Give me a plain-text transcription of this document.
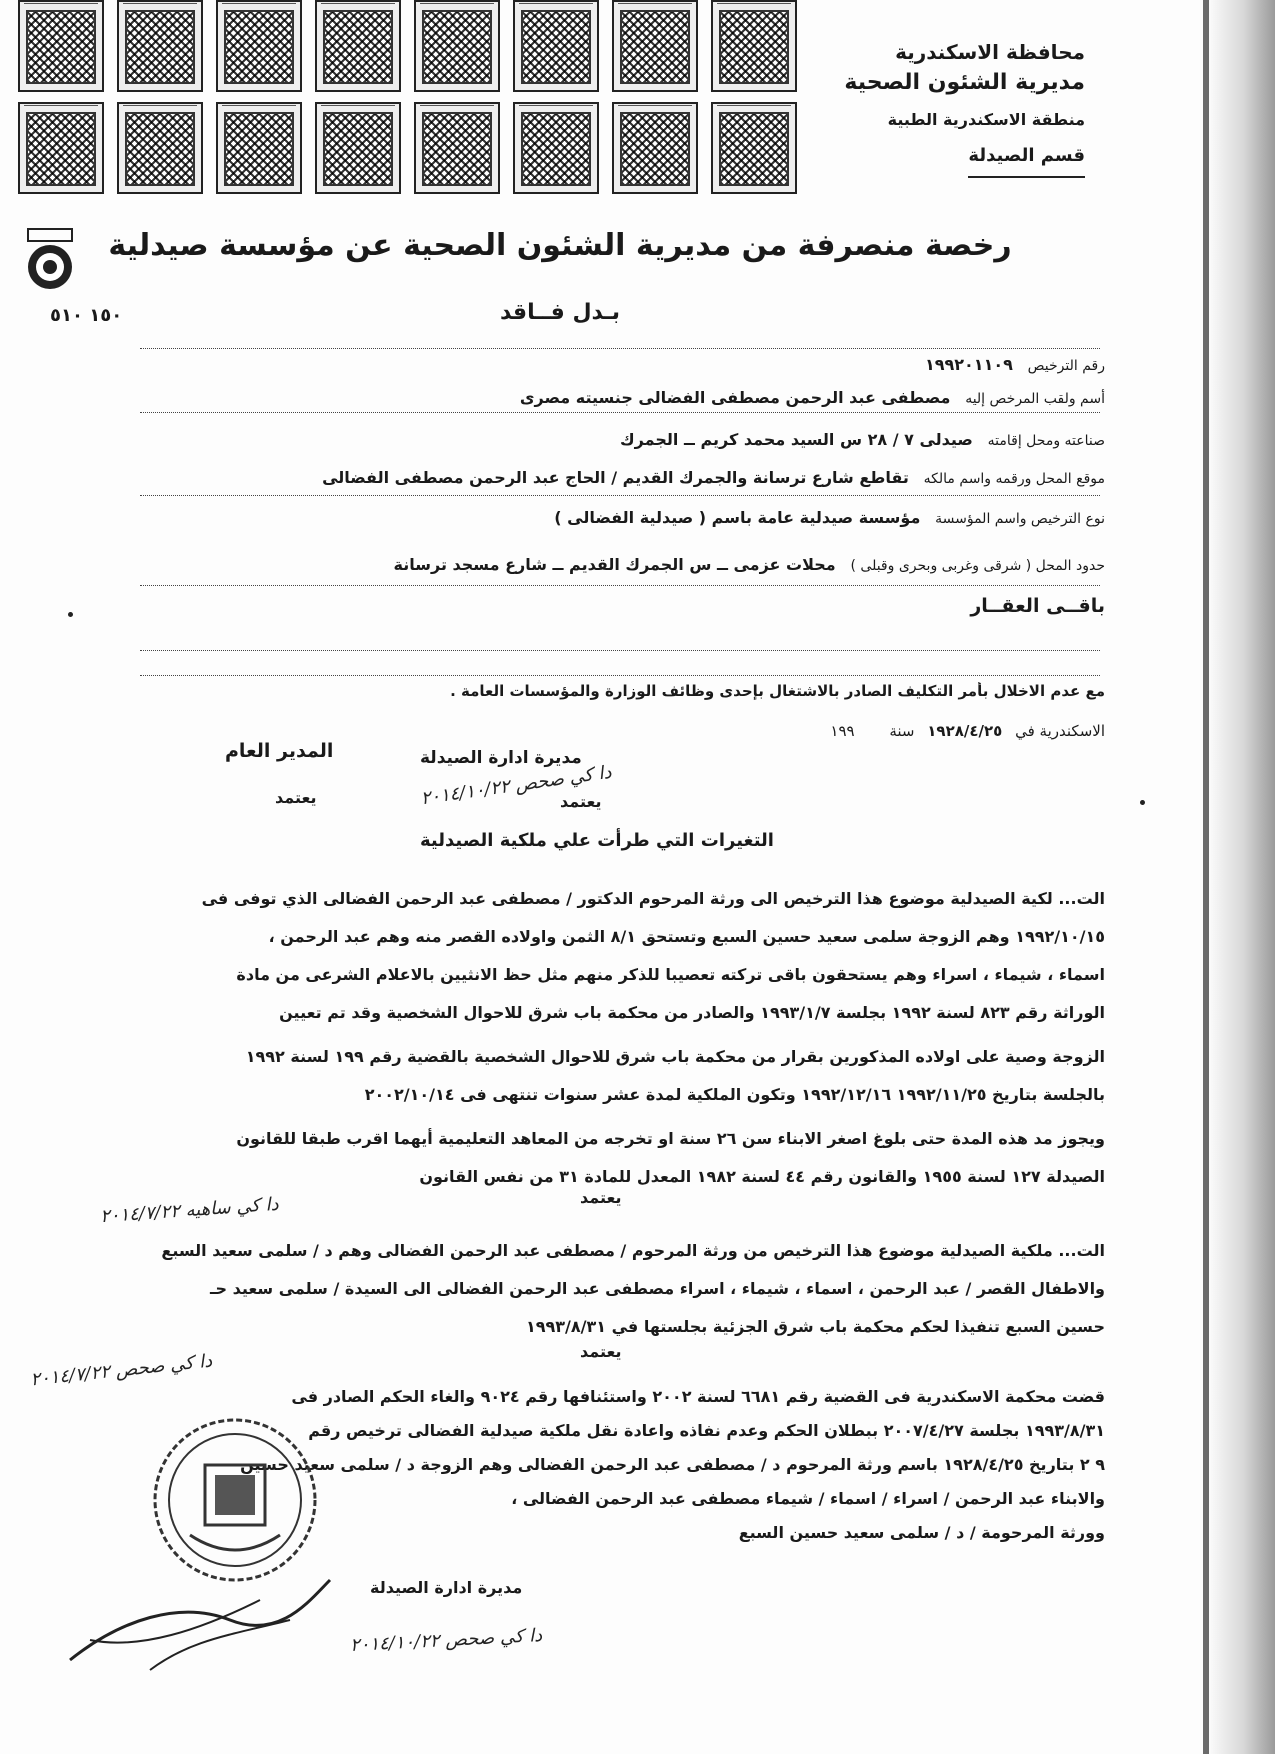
١٥٠ ٥١٠
محافظة الاسكندرية
مديرية الشئون الصحية
منطقة الاسكندرية الطبية
قسم الصيدلة
رخصة منصرفة من مديرية الشئون الصحية عن مؤسسة صيدلية
بـدل فــاقد
رقم الترخيص ١٩٩٢٠١١٠٩
أسم ولقب المرخص إليه مصطفى عبد الرحمن مصطفى الفضالى جنسيته مصرى
صناعته ومحل إقامته صيدلى ٧ / ٢٨ س السيد محمد كريم ــ الجمرك
موقع المحل ورقمه واسم مالكه تقاطع شارع ترسانة والجمرك القديم / الحاج عبد الرحمن مصطفى الفضالى
نوع الترخيص واسم المؤسسة مؤسسة صيدلية عامة باسم ( صيدلية الفضالى )
حدود المحل ( شرقى وغربى وبحرى وقبلى ) محلات عزمى ــ س الجمرك القديم ــ شارع مسجد ترسانة
باقــى العقــار
مع عدم الاخلال بأمر التكليف الصادر بالاشتغال بإحدى وظائف الوزارة والمؤسسات العامة .
الاسكندرية في ١٩٢٨/٤/٢٥ سنة ١٩٩
مديرة ادارة الصيدلة
المدير العام
يعتمد	يعتمد
دا كي صحص ٢٠١٤/١٠/٢٢
التغيرات التي طرأت علي ملكية الصيدلية

الت... لكية الصيدلية موضوع هذا الترخيص الى ورثة المرحوم الدكتور / مصطفى عبد الرحمن الفضالى الذي توفى فى

١٩٩٢/١٠/١٥ وهم الزوجة سلمى سعيد حسين السبع وتستحق ٨/١ الثمن واولاده القصر منه وهم عبد الرحمن ،

اسماء ، شيماء ، اسراء وهم يستحقون باقى تركته تعصيبا للذكر منهم مثل حظ الانثيين بالاعلام الشرعى من مادة

الوراثة رقم ٨٢٣ لسنة ١٩٩٢ بجلسة ١٩٩٣/١/٧ والصادر من محكمة باب شرق للاحوال الشخصية وقد تم تعيين

الزوجة وصية على اولاده المذكورين بقرار من محكمة باب شرق للاحوال الشخصية بالقضية رقم ١٩٩ لسنة ١٩٩٢

بالجلسة بتاريخ ١٩٩٢/١١/٢٥ ١٩٩٢/١٢/١٦ وتكون الملكية لمدة عشر سنوات تنتهى فى ٢٠٠٢/١٠/١٤

ويجوز مد هذه المدة حتى بلوغ اصغر الابناء سن ٢٦ سنة او تخرجه من المعاهد التعليمية أيهما اقرب طبقا للقانون

الصيدلة ١٢٧ لسنة ١٩٥٥ والقانون رقم ٤٤ لسنة ١٩٨٢ المعدل للمادة ٣١ من نفس القانون

دا كي ساهيه ٢٠١٤/٧/٢٢	يعتمد

الت... ملكية الصيدلية موضوع هذا الترخيص من ورثة المرحوم / مصطفى عبد الرحمن الفضالى وهم د / سلمى سعيد السبع

والاطفال القصر / عبد الرحمن ، اسماء ، شيماء ، اسراء مصطفى عبد الرحمن الفضالى الى السيدة / سلمى سعيد حـ

حسين السبع تنفيذا لحكم محكمة باب شرق الجزئية بجلستها في ١٩٩٣/٨/٣١

يعتمد
دا كي صحص ٢٠١٤/٧/٢٢

قضت محكمة الاسكندرية فى القضية رقم ٦٦٨١ لسنة ٢٠٠٢ واستئنافها رقم ٩٠٢٤ والغاء الحكم الصادر فى

١٩٩٣/٨/٣١ بجلسة ٢٠٠٧/٤/٢٧ ببطلان الحكم وعدم نفاذه واعادة نقل ملكية صيدلية الفضالى ترخيص رقم

٩ ٢ بتاريخ ١٩٢٨/٤/٢٥ باسم ورثة المرحوم د / مصطفى عبد الرحمن الفضالى وهم الزوجة د / سلمى سعيد حسين

والابناء عبد الرحمن / اسراء / اسماء / شيماء مصطفى عبد الرحمن الفضالى ،

وورثة المرحومة / د / سلمى سعيد حسين السبع

مديرة ادارة الصيدلة
دا كي صحص ٢٠١٤/١٠/٢٢
